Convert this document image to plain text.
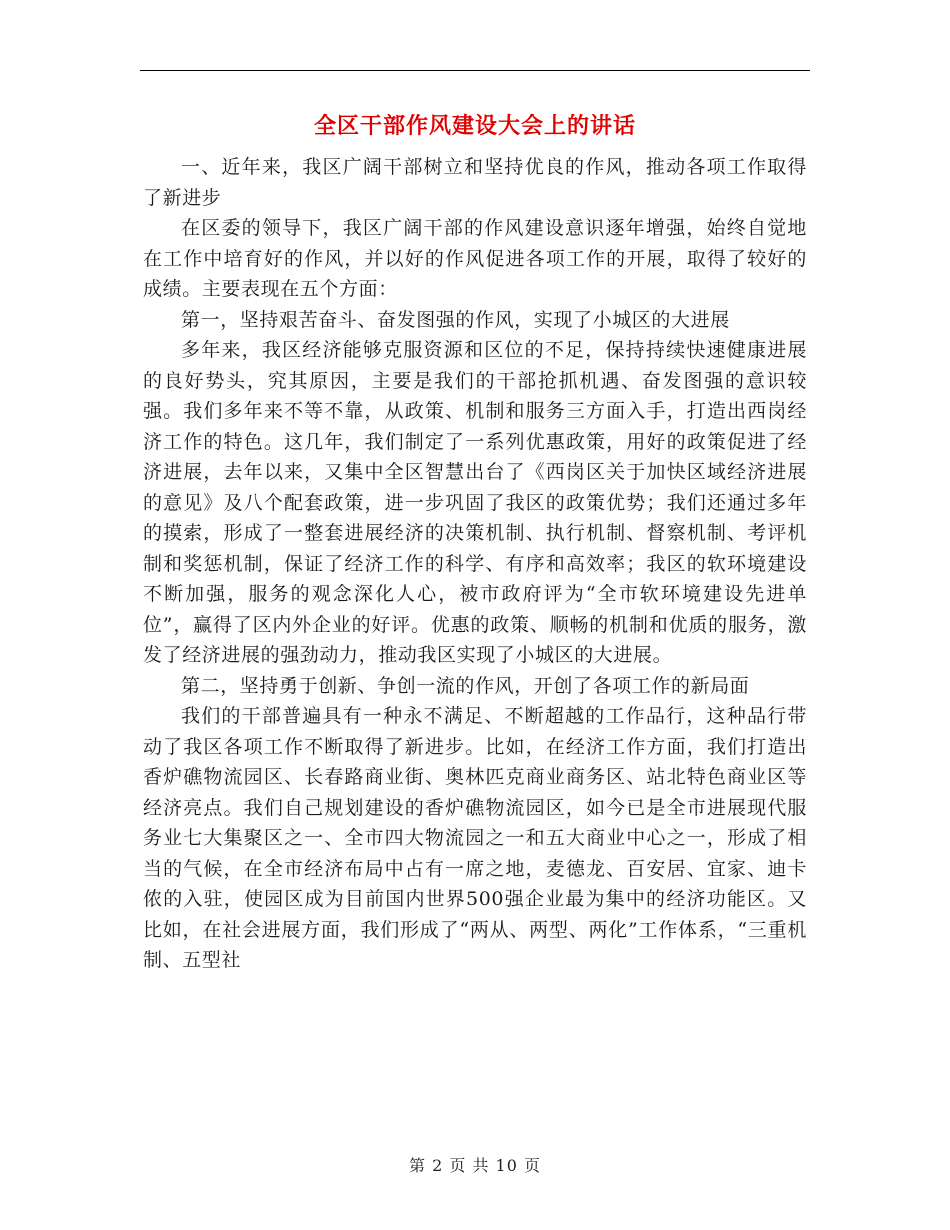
全区干部作风建设大会上的讲话

一、近年来，我区广阔干部树立和坚持优良的作风，推动各项工作取得了新进步

在区委的领导下，我区广阔干部的作风建设意识逐年增强，始终自觉地在工作中培育好的作风，并以好的作风促进各项工作的开展，取得了较好的成绩。主要表现在五个方面：

第一，坚持艰苦奋斗、奋发图强的作风，实现了小城区的大进展

多年来，我区经济能够克服资源和区位的不足，保持持续快速健康进展的良好势头，究其原因，主要是我们的干部抢抓机遇、奋发图强的意识较强。我们多年来不等不靠，从政策、机制和服务三方面入手，打造出西岗经济工作的特色。这几年，我们制定了一系列优惠政策，用好的政策促进了经济进展，去年以来，又集中全区智慧出台了《西岗区关于加快区域经济进展的意见》及八个配套政策，进一步巩固了我区的政策优势；我们还通过多年的摸索，形成了一整套进展经济的决策机制、执行机制、督察机制、考评机制和奖惩机制，保证了经济工作的科学、有序和高效率；我区的软环境建设不断加强，服务的观念深化人心，被市政府评为“全市软环境建设先进单位”，赢得了区内外企业的好评。优惠的政策、顺畅的机制和优质的服务，激发了经济进展的强劲动力，推动我区实现了小城区的大进展。

第二，坚持勇于创新、争创一流的作风，开创了各项工作的新局面

我们的干部普遍具有一种永不满足、不断超越的工作品行，这种品行带动了我区各项工作不断取得了新进步。比如，在经济工作方面，我们打造出香炉礁物流园区、长春路商业街、奥林匹克商业商务区、站北特色商业区等经济亮点。我们自己规划建设的香炉礁物流园区，如今已是全市进展现代服务业七大集聚区之一、全市四大物流园之一和五大商业中心之一，形成了相当的气候，在全市经济布局中占有一席之地，麦德龙、百安居、宜家、迪卡侬的入驻，使园区成为目前国内世界500强企业最为集中的经济功能区。又比如，在社会进展方面，我们形成了“两从、两型、两化”工作体系，“三重机制、五型社

第 2 页 共 10 页
